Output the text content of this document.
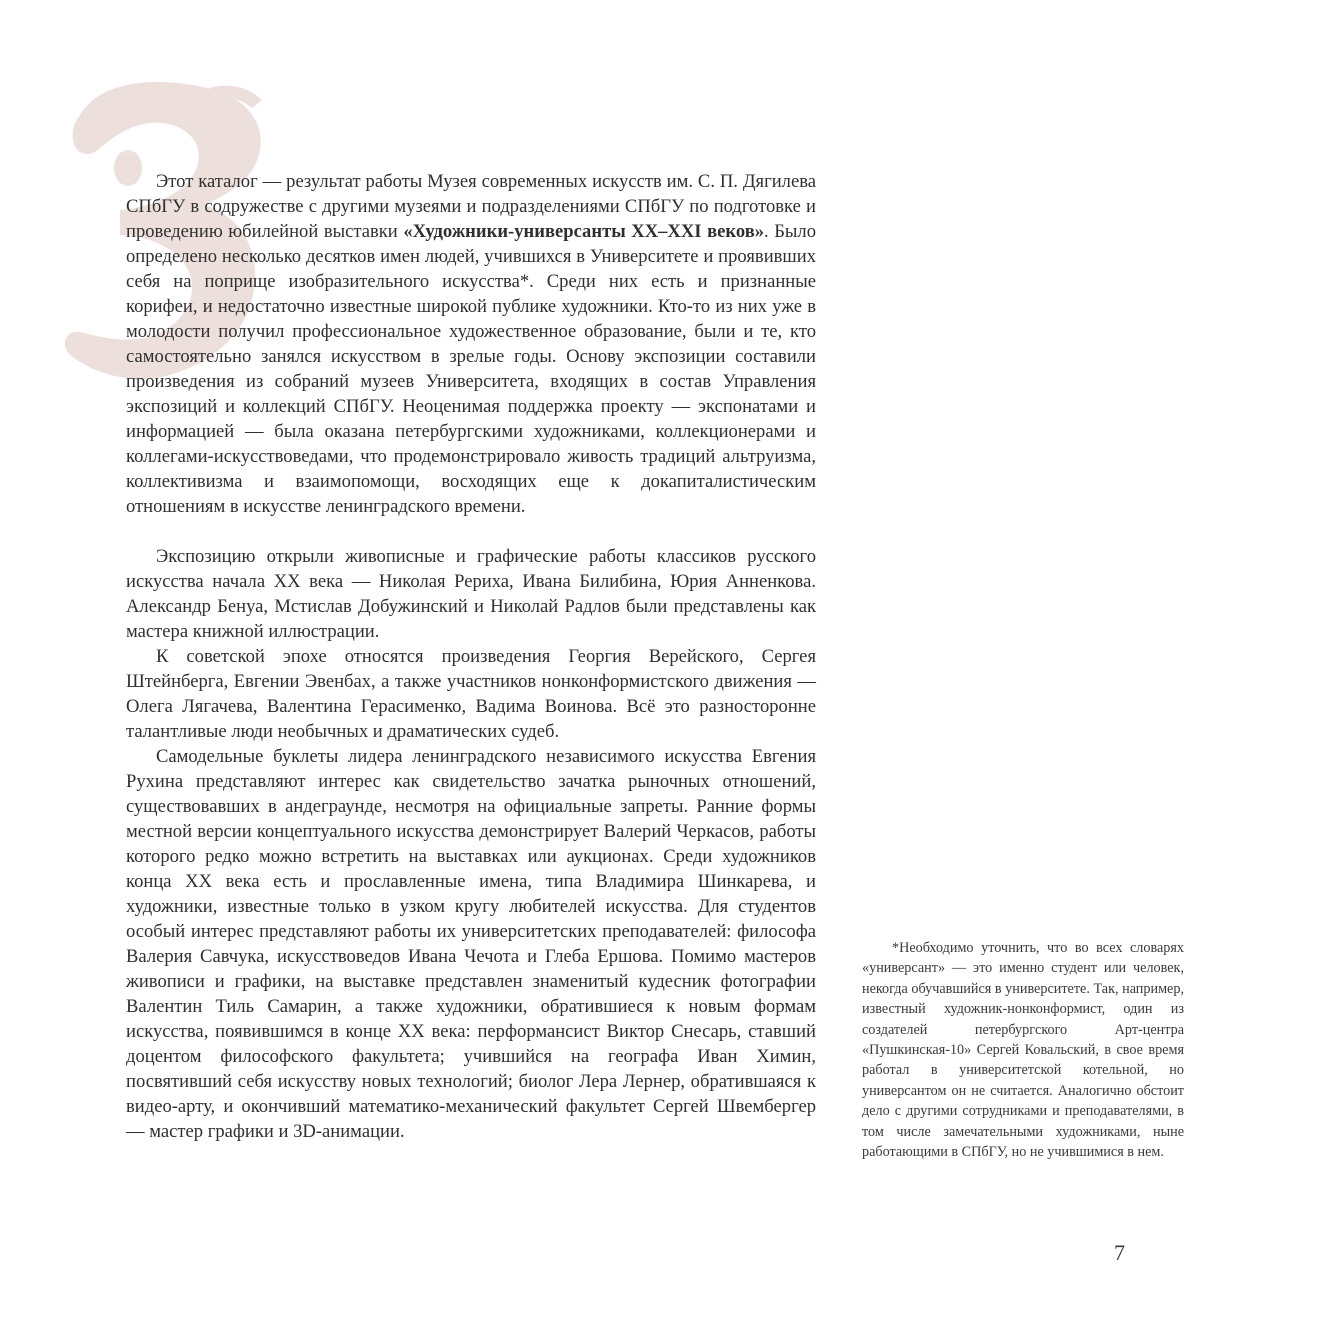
Этот каталог — результат работы Музея современных искусств им. С. П. Дягилева СПбГУ в содружестве с другими музеями и подразделениями СПбГУ по подготовке и проведению юбилейной выставки «Художники-универсанты XX–XXI веков». Было определено несколько десятков имен людей, учившихся в Университете и проявивших себя на поприще изобразительного искусства*. Среди них есть и признанные корифеи, и недостаточно известные широкой публике художники. Кто-то из них уже в молодости получил профессиональное художественное образование, были и те, кто самостоятельно занялся искусством в зрелые годы. Основу экспозиции составили произведения из собраний музеев Университета, входящих в состав Управления экспозиций и коллекций СПбГУ. Неоценимая поддержка проекту — экспонатами и информацией — была оказана петербургскими художниками, коллекционерами и коллегами-искусствоведами, что продемонстрировало живость традиций альтруизма, коллективизма и взаимопомощи, восходящих еще к докапиталистическим отношениям в искусстве ленинградского времени.

Экспозицию открыли живописные и графические работы классиков русского искусства начала XX века — Николая Рериха, Ивана Билибина, Юрия Анненкова. Александр Бенуа, Мстислав Добужинский и Николай Радлов были представлены как мастера книжной иллюстрации.

К советской эпохе относятся произведения Георгия Верейского, Сергея Штейнберга, Евгении Эвенбах, а также участников нонконформистского движения — Олега Лягачева, Валентина Герасименко, Вадима Воинова. Всё это разносторонне талантливые люди необычных и драматических судеб.

Самодельные буклеты лидера ленинградского независимого искусства Евгения Рухина представляют интерес как свидетельство зачатка рыночных отношений, существовавших в андеграунде, несмотря на официальные запреты. Ранние формы местной версии концептуального искусства демонстрирует Валерий Черкасов, работы которого редко можно встретить на выставках или аукционах. Среди художников конца XX века есть и прославленные имена, типа Владимира Шинкарева, и художники, известные только в узком кругу любителей искусства. Для студентов особый интерес представляют работы их университетских преподавателей: философа Валерия Савчука, искусствоведов Ивана Чечота и Глеба Ершова. Помимо мастеров живописи и графики, на выставке представлен знаменитый кудесник фотографии Валентин Тиль Самарин, а также художники, обратившиеся к новым формам искусства, появившимся в конце XX века: перформансист Виктор Снесарь, ставший доцентом философского факультета; учившийся на географа Иван Химин, посвятивший себя искусству новых технологий; биолог Лера Лернер, обратившаяся к видео-арту, и окончивший математико-механический факультет Сергей Швембергер — мастер графики и 3D-анимации.

*Необходимо уточнить, что во всех словарях «универсант» — это именно студент или человек, некогда обучавшийся в университете. Так, например, известный художник-нонконформист, один из создателей петербургского Арт-центра «Пушкинская-10» Сергей Ковальский, в свое время работал в университетской котельной, но универсантом он не считается. Аналогично обстоит дело с другими сотрудниками и преподавателями, в том числе замечательными художниками, ныне работающими в СПбГУ, но не учившимися в нем.

7
